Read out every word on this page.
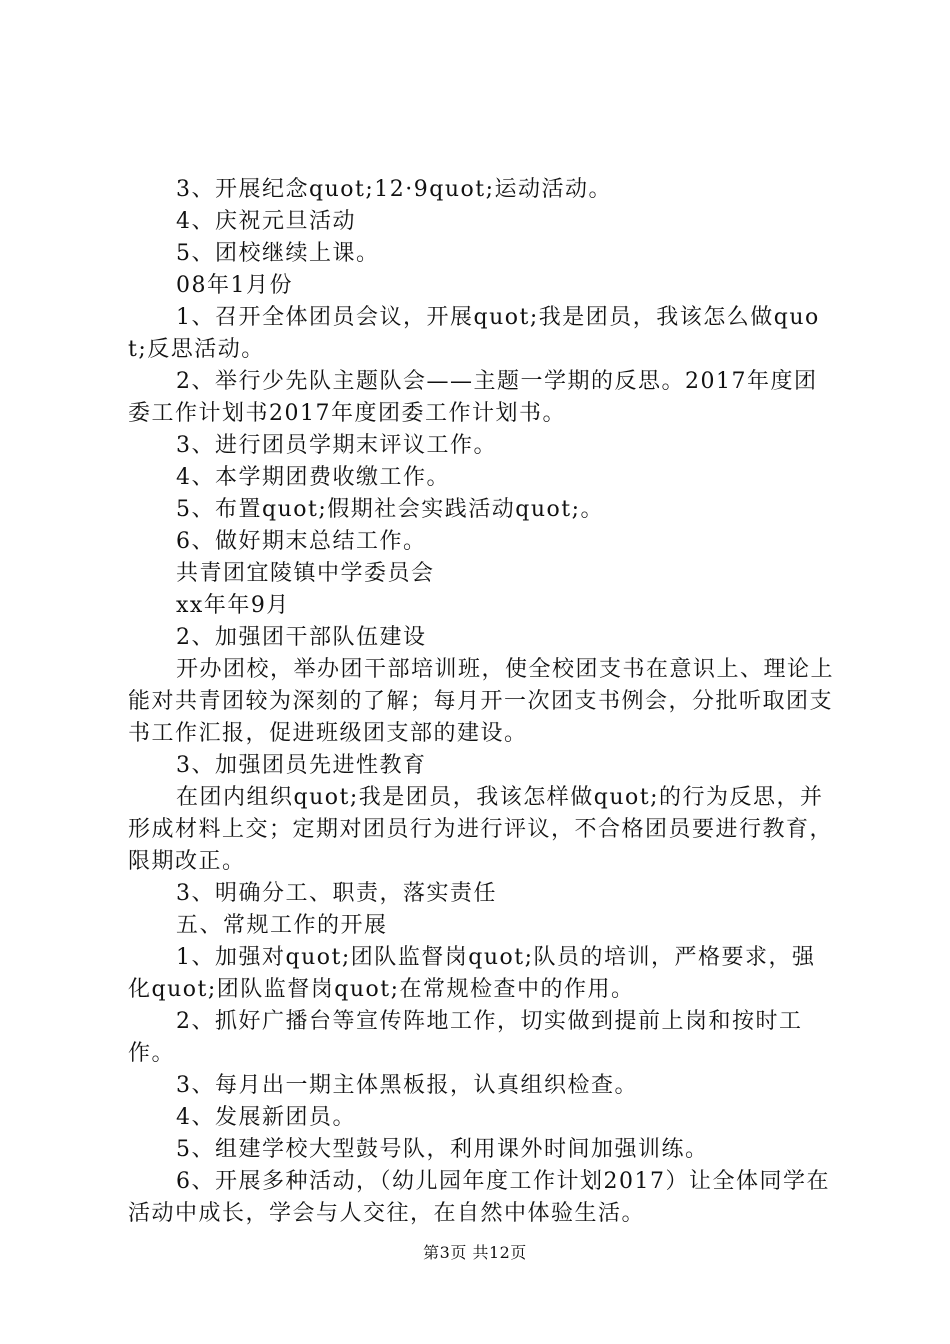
3、开展纪念quot;12·9quot;运动活动。

4、庆祝元旦活动

5、团校继续上课。

08年1月份

1、召开全体团员会议，开展quot;我是团员，我该怎么做quot;反思活动。

2、举行少先队主题队会——主题一学期的反思。2017年度团委工作计划书2017年度团委工作计划书。

3、进行团员学期末评议工作。

4、本学期团费收缴工作。

5、布置quot;假期社会实践活动quot;。

6、做好期末总结工作。

共青团宜陵镇中学委员会

xx年年9月

2、加强团干部队伍建设

开办团校，举办团干部培训班，使全校团支书在意识上、理论上能对共青团较为深刻的了解；每月开一次团支书例会，分批听取团支书工作汇报，促进班级团支部的建设。

3、加强团员先进性教育

在团内组织quot;我是团员，我该怎样做quot;的行为反思，并形成材料上交；定期对团员行为进行评议，不合格团员要进行教育，限期改正。

3、明确分工、职责，落实责任

五、常规工作的开展

1、加强对quot;团队监督岗quot;队员的培训，严格要求，强化quot;团队监督岗quot;在常规检查中的作用。

2、抓好广播台等宣传阵地工作，切实做到提前上岗和按时工作。

3、每月出一期主体黑板报，认真组织检查。

4、发展新团员。

5、组建学校大型鼓号队，利用课外时间加强训练。

6、开展多种活动，（幼儿园年度工作计划2017）让全体同学在活动中成长，学会与人交往，在自然中体验生活。

第3页 共12页
